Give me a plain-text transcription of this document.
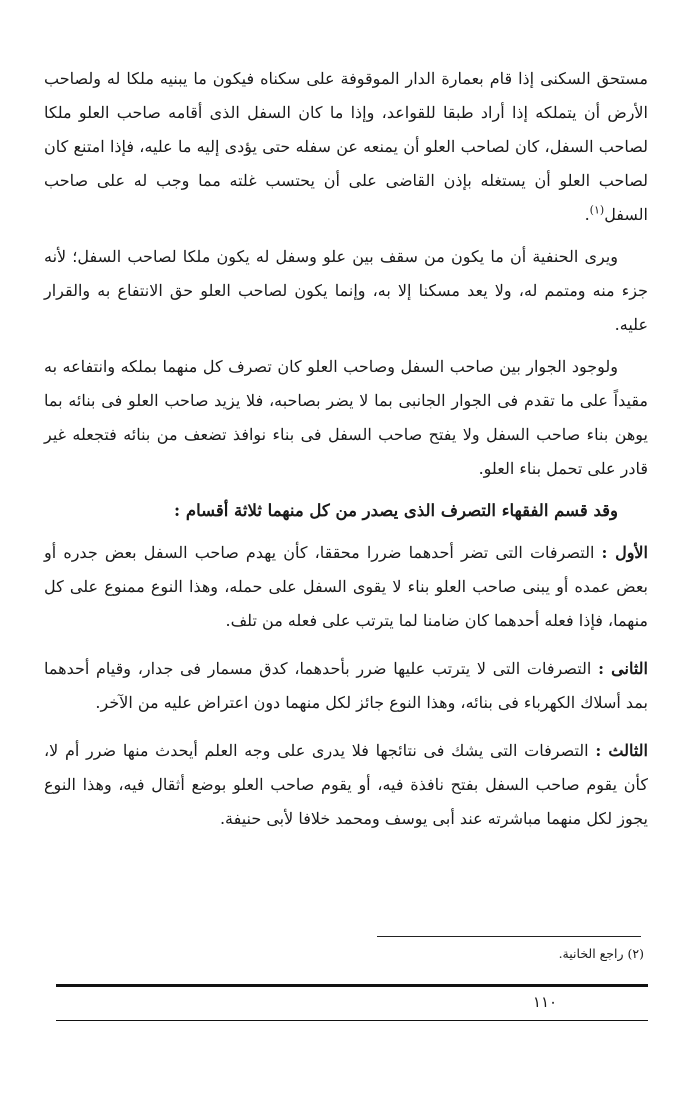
مستحق السكنى إذا قام بعمارة الدار الموقوفة على سكناه فيكون ما يبنيه ملكا له ولصاحب الأرض أن يتملكه إذا أراد طبقا للقواعد، وإذا ما كان السفل الذى أقامه صاحب العلو ملكا لصاحب السفل، كان لصاحب العلو أن يمنعه عن سفله حتى يؤدى إليه ما عليه، فإذا امتنع كان لصاحب العلو أن يستغله بإذن القاضى على أن يحتسب غلته مما وجب له على صاحب السفل$^{(١)}$.

ويرى الحنفية أن ما يكون من سقف بين علو وسفل له يكون ملكا لصاحب السفل؛ لأنه جزء منه ومتمم له، ولا يعد مسكنا إلا به، وإنما يكون لصاحب العلو حق الانتفاع به والقرار عليه.

ولوجود الجوار بين صاحب السفل وصاحب العلو كان تصرف كل منهما بملكه وانتفاعه به مقيداً على ما تقدم فى الجوار الجانبى بما لا يضر بصاحبه، فلا يزيد صاحب العلو فى بنائه بما يوهن بناء صاحب السفل ولا يفتح صاحب السفل فى بناء نوافذ تضعف من بنائه فتجعله غير قادر على تحمل بناء العلو.

وقد قسم الفقهاء التصرف الذى يصدر من كل منهما ثلاثة أقسام :

الأول : التصرفات التى تضر أحدهما ضررا محققا، كأن يهدم صاحب السفل بعض جدره أو بعض عمده أو يبنى صاحب العلو بناء لا يقوى السفل على حمله، وهذا النوع ممنوع على كل منهما، فإذا فعله أحدهما كان ضامنا لما يترتب على فعله من تلف.

الثانى : التصرفات التى لا يترتب عليها ضرر بأحدهما، كدق مسمار فى جدار، وقيام أحدهما بمد أسلاك الكهرباء فى بنائه، وهذا النوع جائز لكل منهما دون اعتراض عليه من الآخر.

الثالث : التصرفات التى يشك فى نتائجها فلا يدرى على وجه العلم أيحدث منها ضرر أم لا، كأن يقوم صاحب السفل بفتح نافذة فيه، أو يقوم صاحب العلو بوضع أثقال فيه، وهذا النوع يجوز لكل منهما مباشرته عند أبى يوسف ومحمد خلافا لأبى حنيفة.

(٢) راجع الخانية.
١١٠
